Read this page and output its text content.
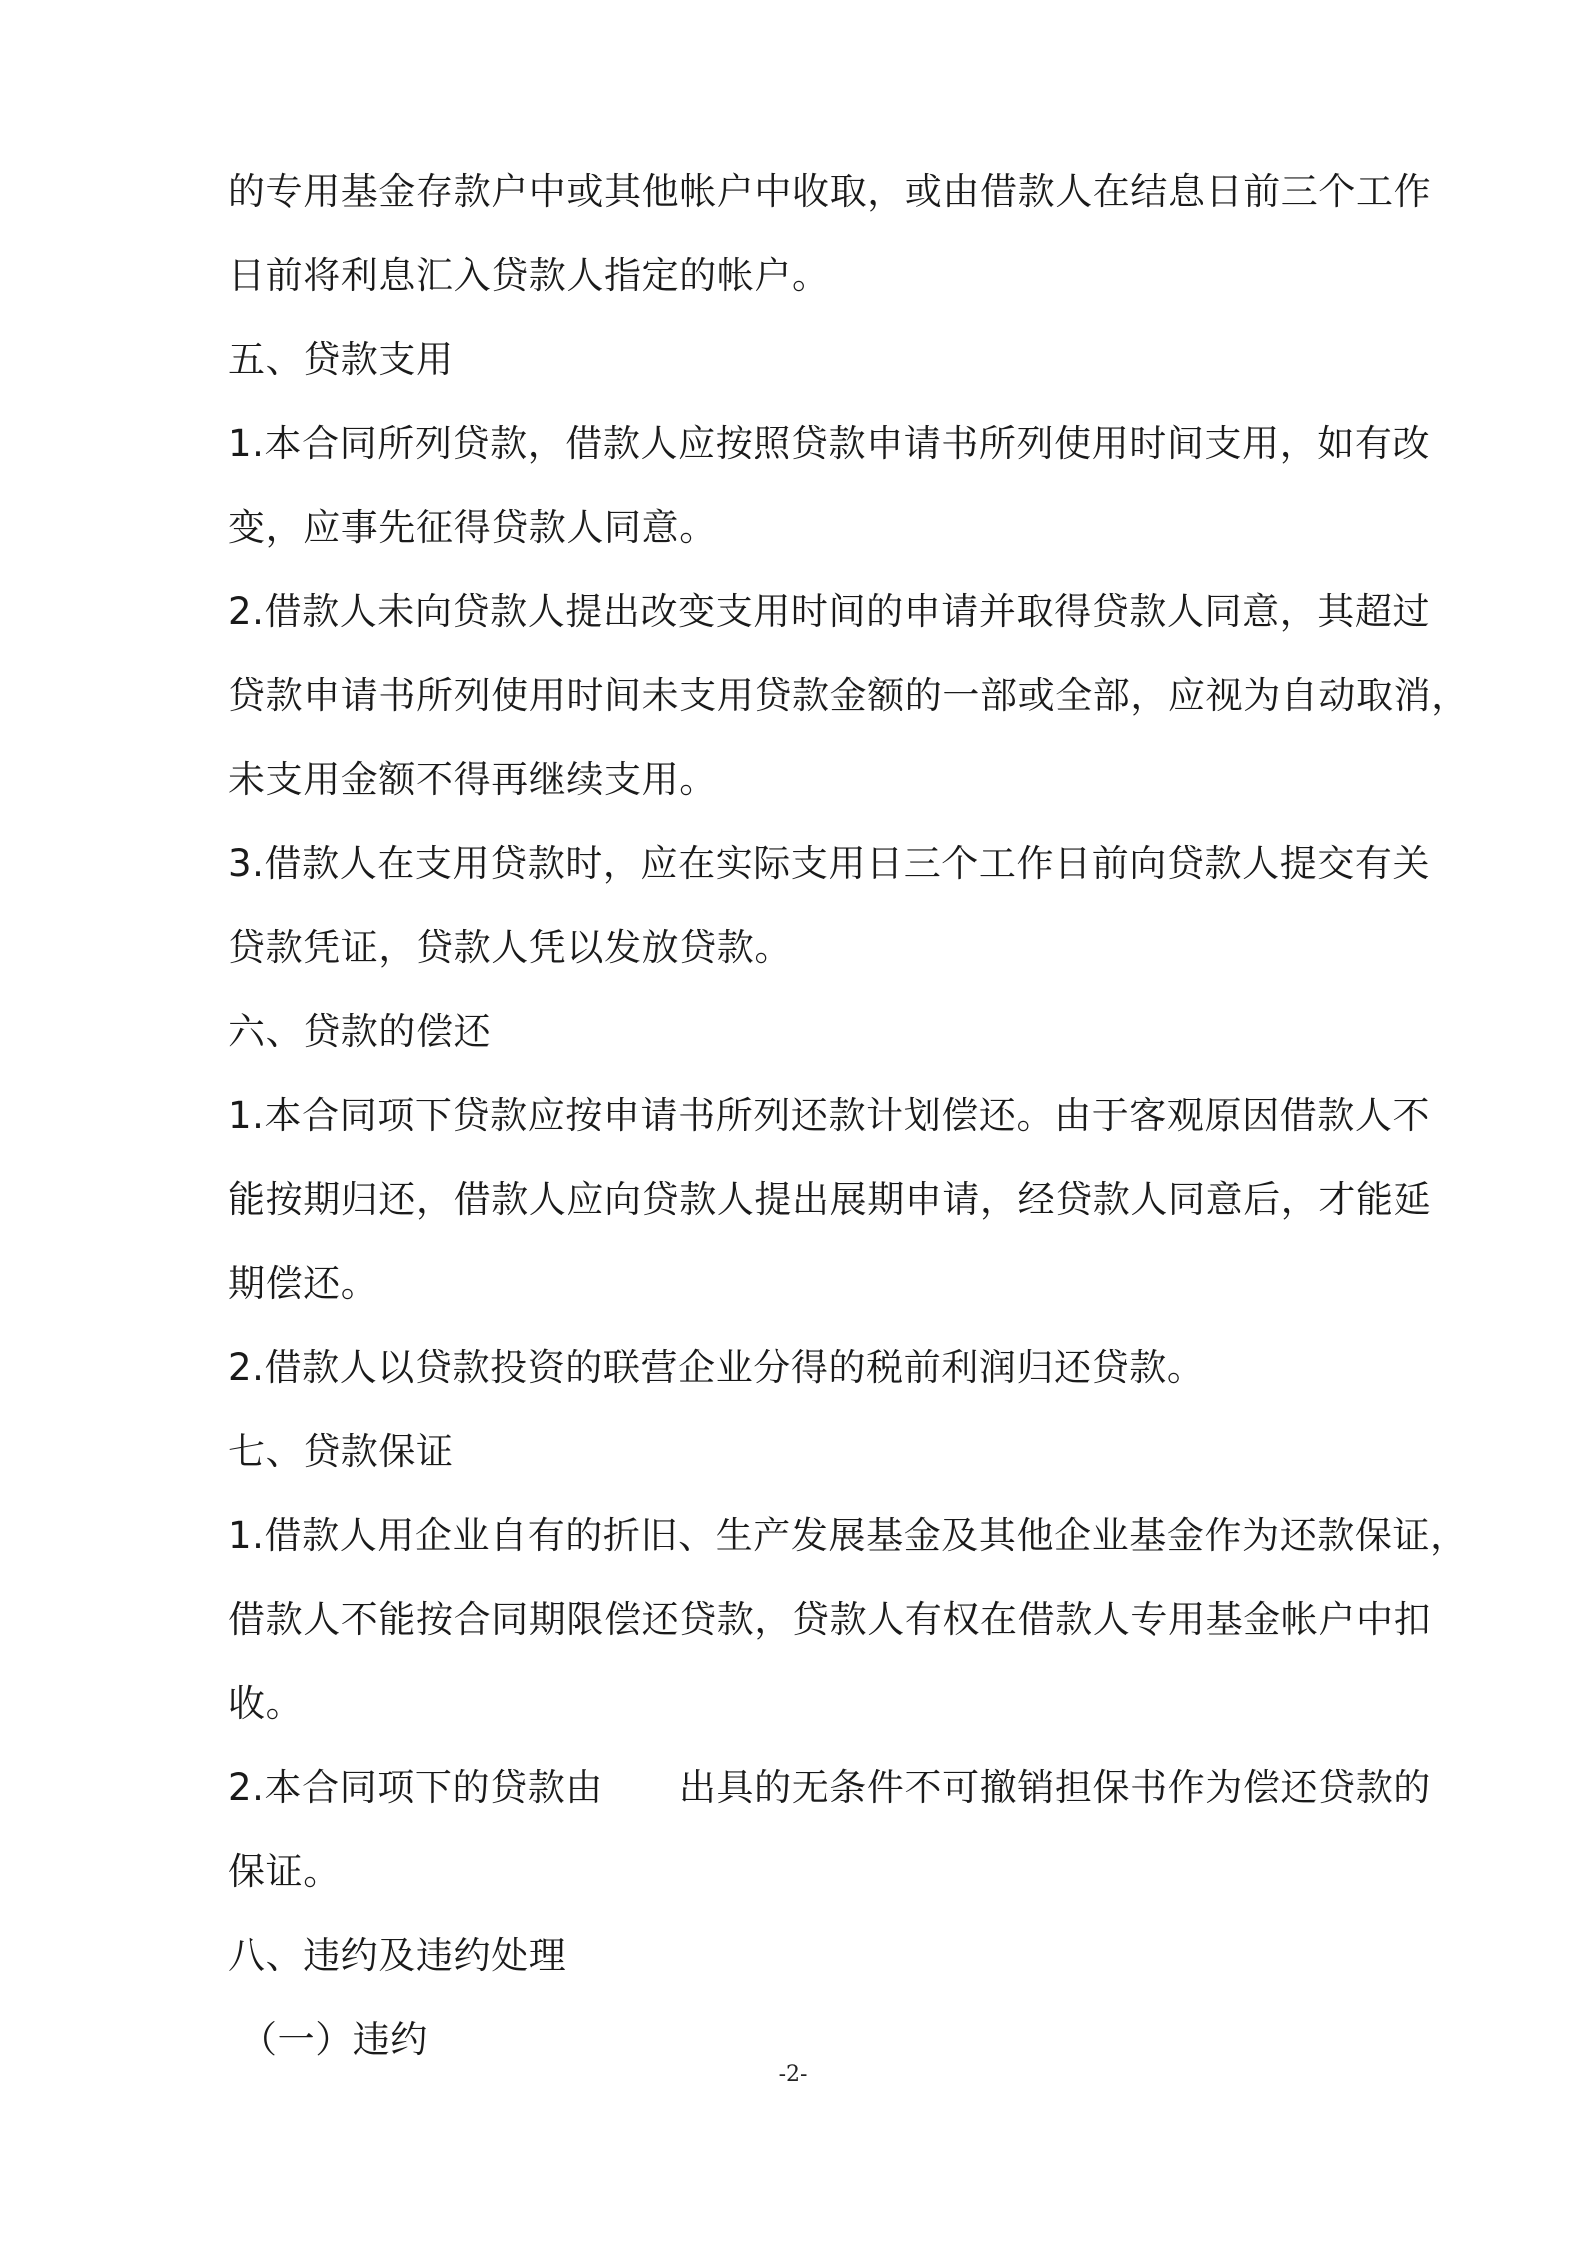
的专用基金存款户中或其他帐户中收取，或由借款人在结息日前三个工作
日前将利息汇入贷款人指定的帐户。
五、贷款支用
1.本合同所列贷款，借款人应按照贷款申请书所列使用时间支用，如有改
变，应事先征得贷款人同意。
2.借款人未向贷款人提出改变支用时间的申请并取得贷款人同意，其超过
贷款申请书所列使用时间未支用贷款金额的一部或全部，应视为自动取消，
未支用金额不得再继续支用。
3.借款人在支用贷款时，应在实际支用日三个工作日前向贷款人提交有关
贷款凭证，贷款人凭以发放贷款。
六、贷款的偿还
1.本合同项下贷款应按申请书所列还款计划偿还。由于客观原因借款人不
能按期归还，借款人应向贷款人提出展期申请，经贷款人同意后，才能延
期偿还。
2.借款人以贷款投资的联营企业分得的税前利润归还贷款。
七、贷款保证
1.借款人用企业自有的折旧、生产发展基金及其他企业基金作为还款保证，
借款人不能按合同期限偿还贷款，贷款人有权在借款人专用基金帐户中扣
收。
2.本合同项下的贷款由 出具的无条件不可撤销担保书作为偿还贷款的
保证。
八、违约及违约处理
（一）违约
-2-
